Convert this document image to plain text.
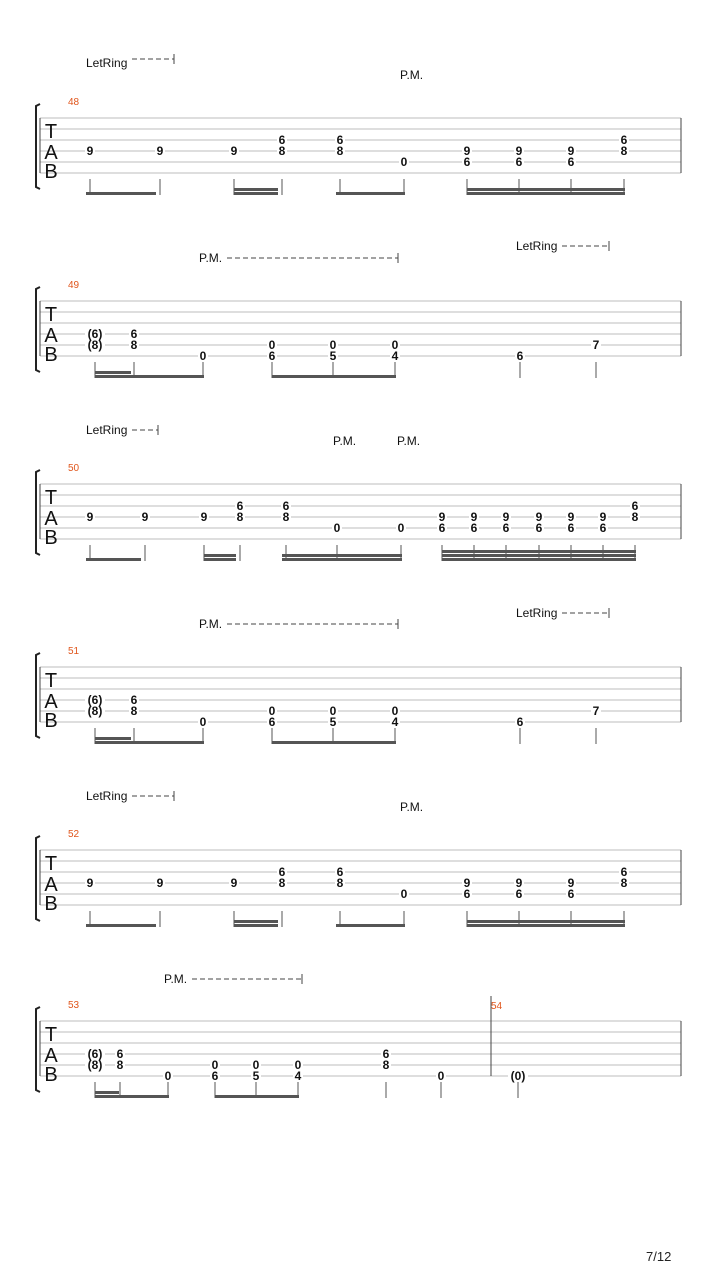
T
A
B
48
LetRing
P.M.
9	9	9
6
8
6
8
0
9
6
9
6
9
6
6
8
T
A
B
49
P.M.
LetRing
(6)
(8)
6
8
0
0
6
0
5
0
4	6
7
T
A
B
50
LetRing
P.M.	P.M.
9	9	9
6
8
6
8
0	0
9
6
9
6
9
6
9
6
9
6
9
6
6
8
T
A
B
51
P.M.
LetRing
(6)
(8)
6
8
0
0
6
0
5
0
4	6
7
T
A
B
52
LetRing
P.M.
9	9	9
6
8
6
8
0
9
6
9
6
9
6
6
8
54
T
A
B
53
P.M.
(6)
(8)
6
8
0
0
6
0
5
0
4
6
8
0	(0)
7/12
